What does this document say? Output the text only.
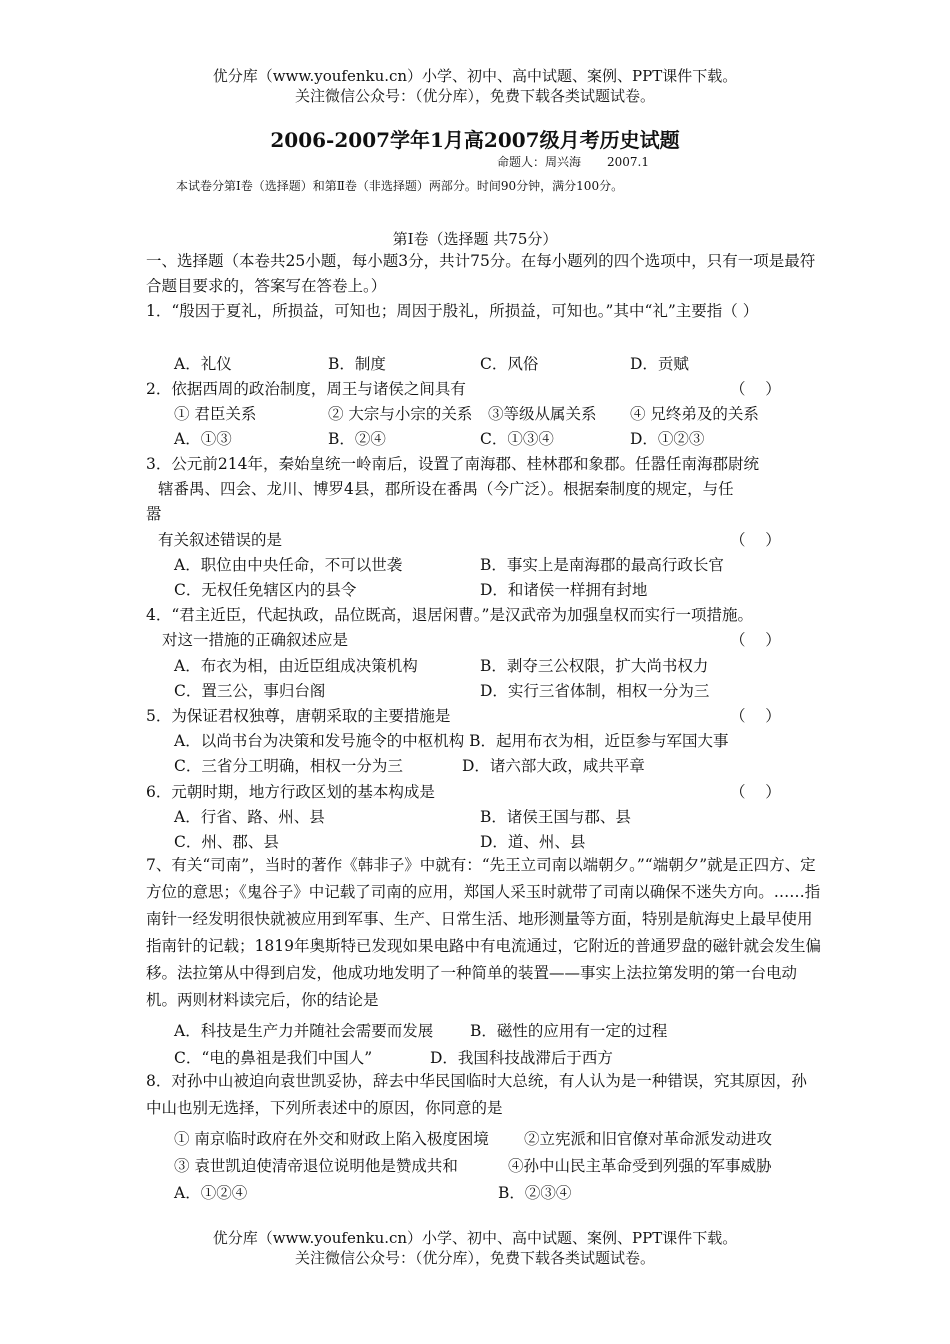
优分库（www.youfenku.cn）小学、初中、高中试题、案例、PPT课件下载。
关注微信公众号：（优分库），免费下载各类试题试卷。
2006-2007学年1月高2007级月考历史试题
命题人：周兴海 2007.1
本试卷分第Ⅰ卷（选择题）和第Ⅱ卷（非选择题）两部分。时间90分钟，满分100分。
第Ⅰ卷（选择题 共75分）
一、选择题（本卷共25小题，每小题3分，共计75分。在每小题列的四个选项中，只有一项是最符合题目要求的，答案写在答卷上。）
1．“殷因于夏礼，所损益，可知也；周因于殷礼，所损益，可知也。”其中“礼”主要指（ ）
A．礼仪	B．制度	C．风俗	D．贡赋
2．依据西周的政治制度，周王与诸侯之间具有	（    ）
① 君臣关系	② 大宗与小宗的关系 ③等级从属关系 ④ 兄终弟及的关系
A．①③	B．②④	C．①③④	D．①②③
3．公元前214年，秦始皇统一岭南后，设置了南海郡、桂林郡和象郡。任嚣任南海郡尉统
辖番禺、四会、龙川、博罗4县，郡所设在番禺（今广泛）。根据秦制度的规定，与任
嚣
有关叙述错误的是	（    ）
A．职位由中央任命，不可以世袭	B．事实上是南海郡的最高行政长官
C．无权任免辖区内的县令	D．和诸侯一样拥有封地
4．“君主近臣，代起执政，品位既高，退居闲曹。”是汉武帝为加强皇权而实行一项措施。
对这一措施的正确叙述应是	（    ）
A．布衣为相，由近臣组成决策机构	B．剥夺三公权限，扩大尚书权力
C．置三公，事归台阁	D．实行三省体制，相权一分为三
5．为保证君权独尊，唐朝采取的主要措施是	（    ）
A．以尚书台为决策和发号施令的中枢机构 B．起用布衣为相，近臣参与军国大事
C．三省分工明确，相权一分为三	D．诸六部大政，咸共平章
6．元朝时期，地方行政区划的基本构成是	（    ）
A．行省、路、州、县	B．诸侯王国与郡、县
C．州、郡、县	D．道、州、县
7、有关“司南”，当时的著作《韩非子》中就有：“先王立司南以端朝夕。”“端朝夕”就是正四方、定方位的意思；《鬼谷子》中记载了司南的应用，郑国人采玉时就带了司南以确保不迷失方向。……指南针一经发明很快就被应用到军事、生产、日常生活、地形测量等方面，特别是航海史上最早使用指南针的记载；1819年奥斯特已发现如果电路中有电流通过，它附近的普通罗盘的磁针就会发生偏移。法拉第从中得到启发，他成功地发明了一种简单的装置——事实上法拉第发明的第一台电动机。两则材料读完后，你的结论是
A．科技是生产力并随社会需要而发展 B．磁性的应用有一定的过程
C．“电的鼻祖是我们中国人”	D．我国科技战滞后于西方
8．对孙中山被迫向袁世凯妥协，辞去中华民国临时大总统，有人认为是一种错误，究其原因，孙中山也别无选择，下列所表述中的原因，你同意的是
① 南京临时政府在外交和财政上陷入极度困境 ②立宪派和旧官僚对革命派发动进攻
③ 袁世凯迫使清帝退位说明他是赞成共和	④孙中山民主革命受到列强的军事威胁
A．①②④	B．②③④
优分库（www.youfenku.cn）小学、初中、高中试题、案例、PPT课件下载。
关注微信公众号：（优分库），免费下载各类试题试卷。
